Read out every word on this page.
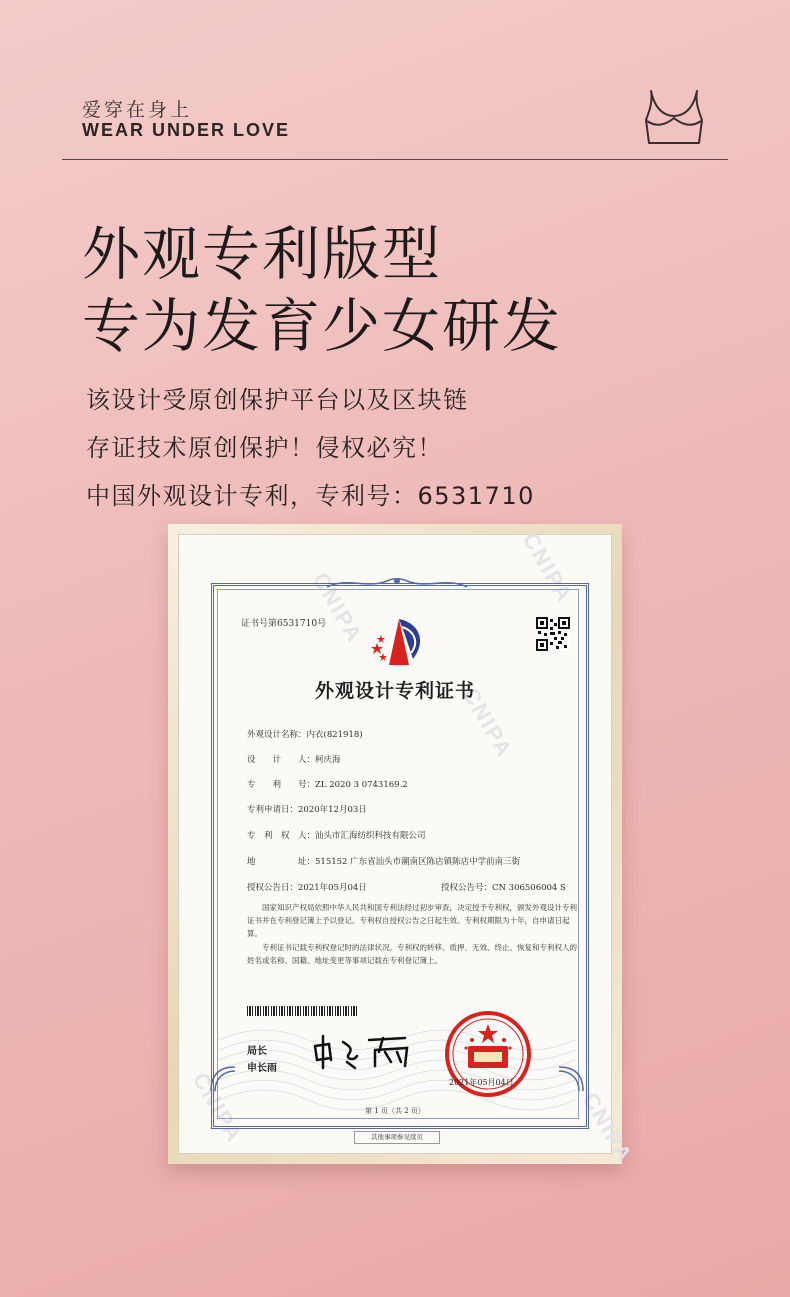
爱穿在身上
WEAR UNDER LOVE
外观专利版型
专为发育少女研发
该设计受原创保护平台以及区块链
存证技术原创保护！侵权必究！
中国外观设计专利，专利号：6531710
CNIPA
CNIPA
CNIPA
CNIPA	CNIPA
证书号第6531710号
外观设计专利证书
外观设计名称：内衣(821918)
设　　计　　人：柯庆海
专　　利　　号：ZL 2020 3 0743169.2
专利申请日：2020年12月03日
专　利　权　人：汕头市汇海纺织科技有限公司
地　　　　　址：515152 广东省汕头市潮南区陈店镇陈店中学前南三街
授权公告日：2021年05月04日	授权公告号：CN 306506004 S
国家知识产权局依照中华人民共和国专利法经过初步审查，决定授予专利权，颁发外观设计专利证书并在专利登记簿上予以登记。专利权自授权公告之日起生效。专利权期限为十年，自申请日起算。
专利证书记载专利权登记时的法律状况。专利权的转移、质押、无效、终止、恢复和专利权人的姓名或名称、国籍、地址变更等事项记载在专利登记簿上。
局长
申长雨
2021年05月04日
第 1 页（共 2 页）
其他事项参见续页
